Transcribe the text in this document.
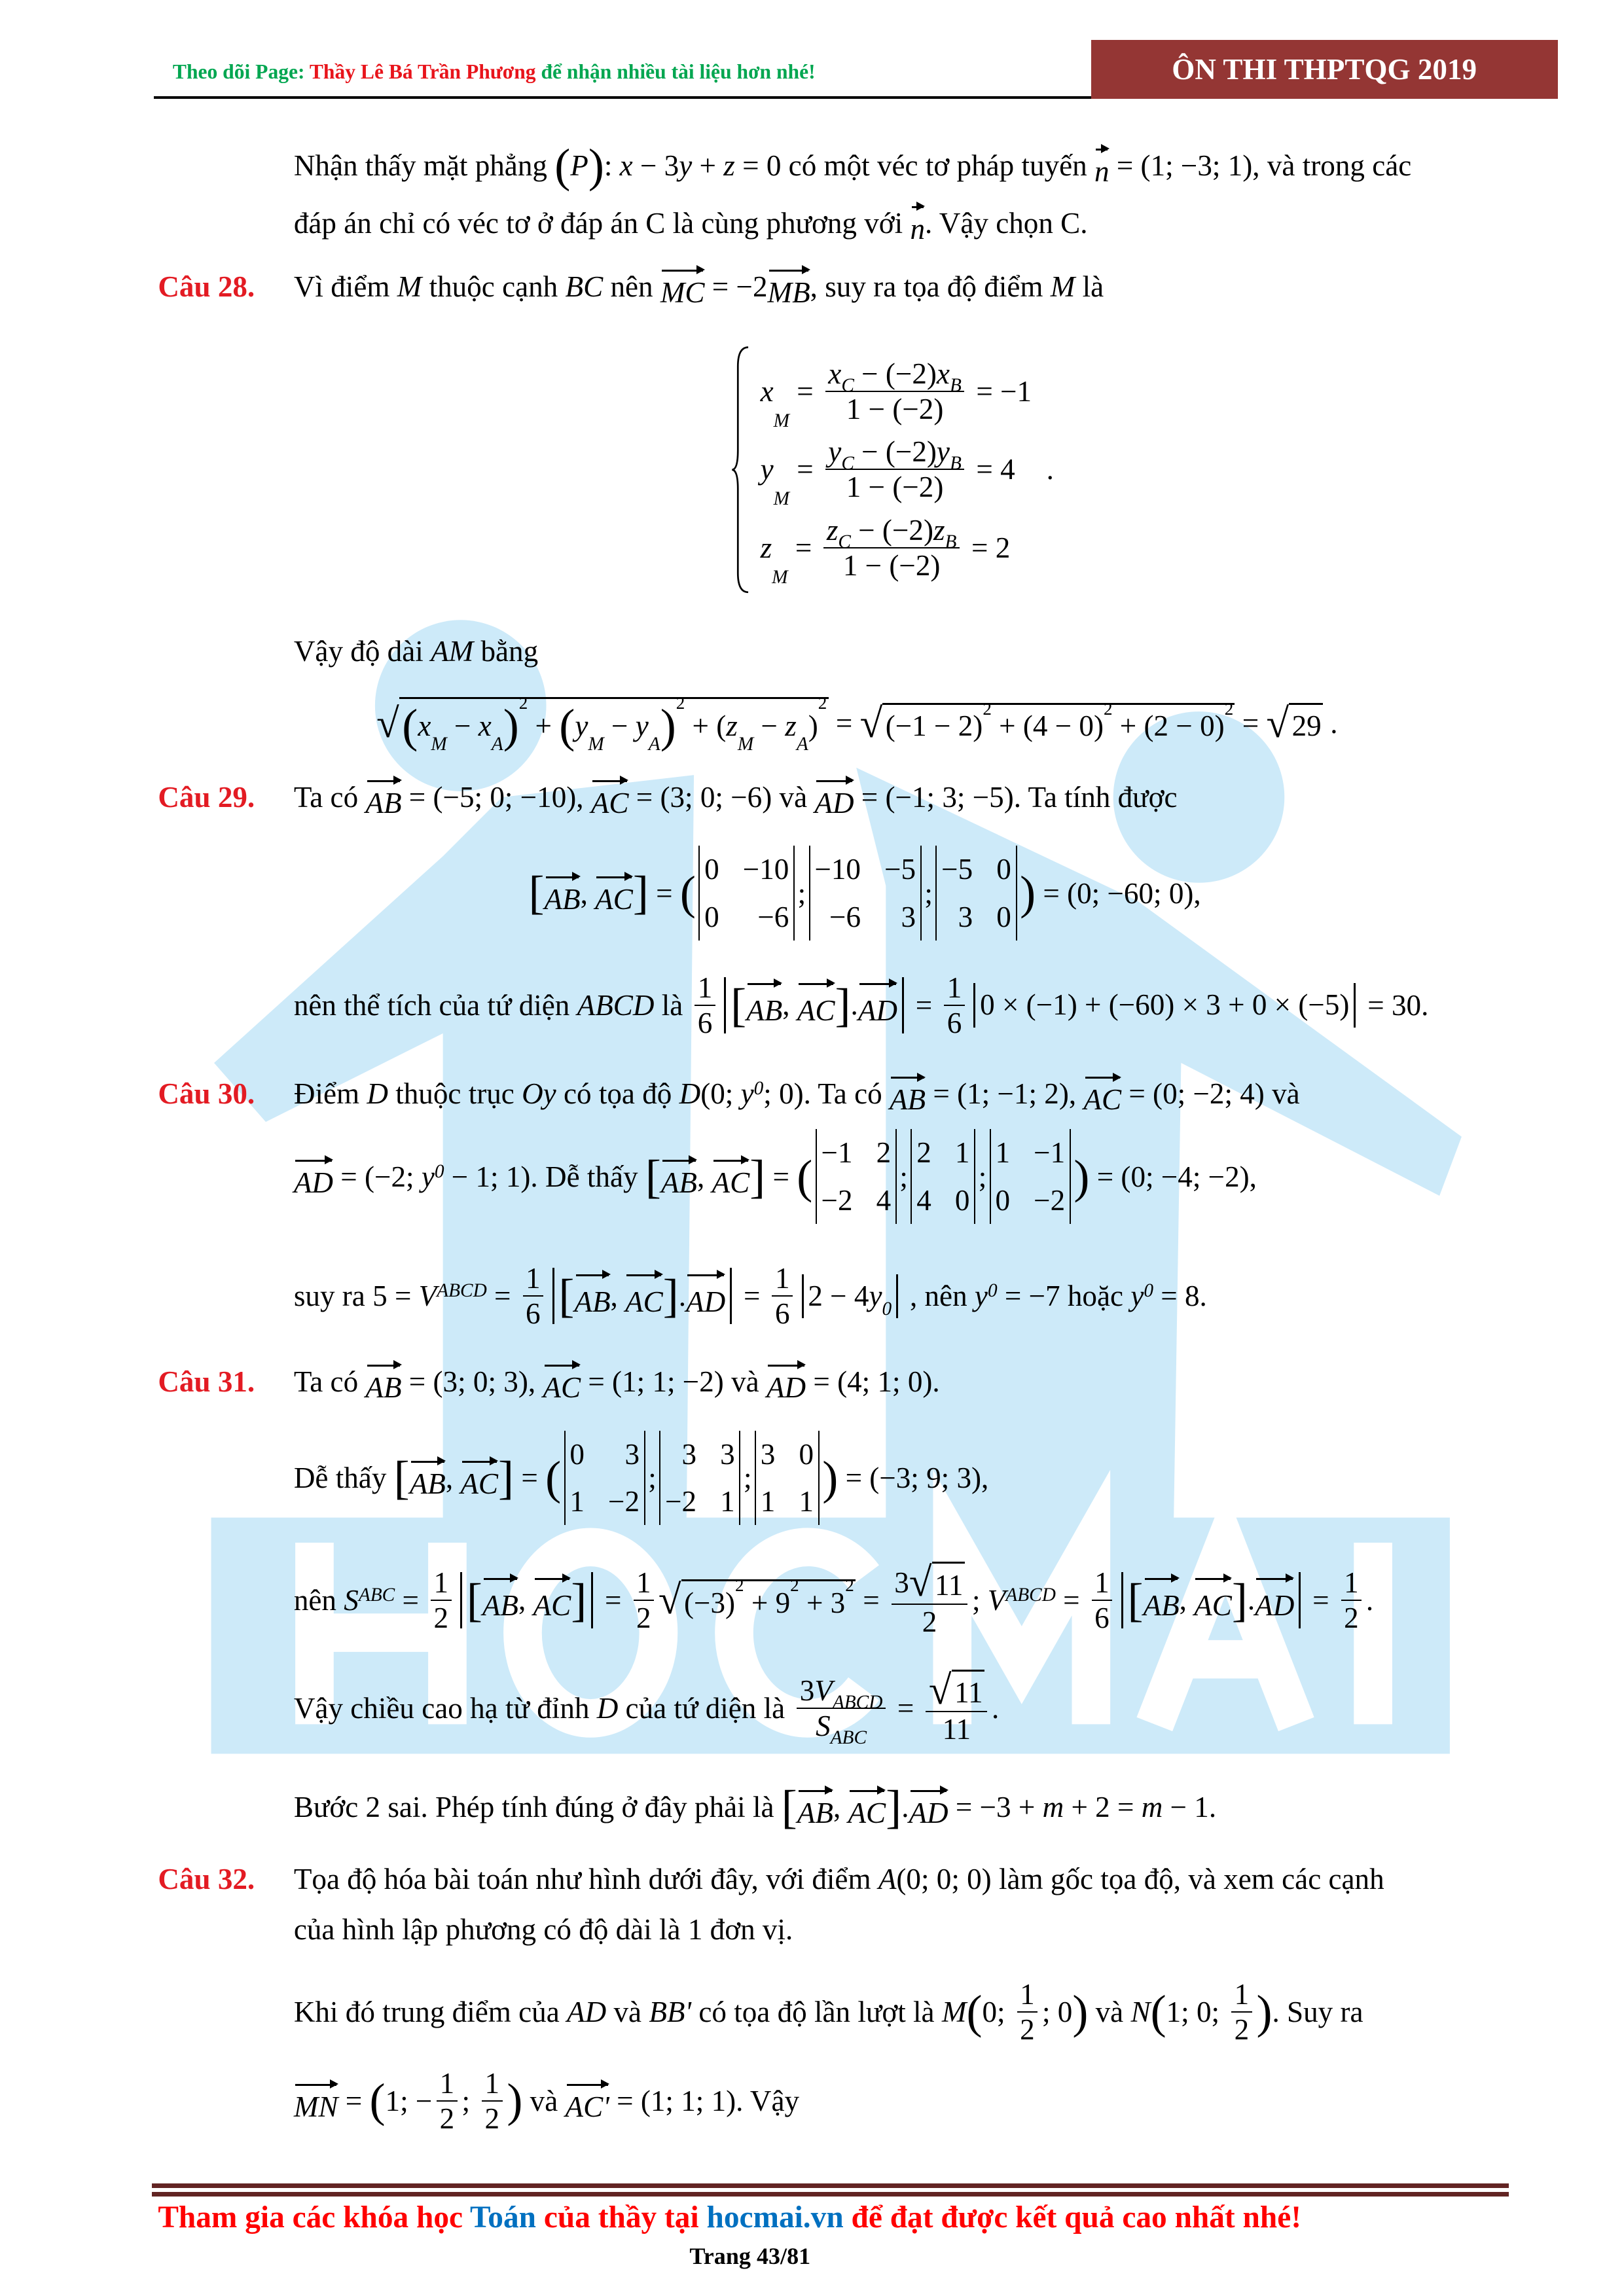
Theo dõi Page: Thầy Lê Bá Trần Phương để nhận nhiều tài liệu hơn nhé!	ÔN THI THPTQG 2019
Câu 28.
Câu 29.
Câu 30.
Câu 31.
Câu 32.
Nhận thấy mặt phẳng ( P ) : x − 3 y + z = 0 có một véc tơ pháp tuyến n = (1; −3; 1), và trong các
đáp án chỉ có véc tơ ở đáp án C là cùng phương với n . Vậy chọn C.
Vì điểm M thuộc cạnh BC nên MC = −2 MB , suy ra tọa độ điểm M là
x
M
= $\frac{\text{x C − (−2) x B}}{1 - (-2)} = -1$
y
M
= $\frac{\text{y C − (−2) y B}}{1 - (-2)} = 4$
z
M
= $\frac{\text{z C − (−2) z B}}{1 - (-2)} = 2$
.
Vậy độ dài AM bằng
√ ( x
M
− x
A ) 2
+ ( y
M
− y
A ) 2
+ ( z
M
− z
A
)
2
= √ (−1 − 2)
2
+ (4 − 0)
2
+ (2 − 0)
2 = √ 29 .
Ta có AB = (−5; 0; −10), AC = (3; 0; −6) và AD = (−1; 3; −5). Ta tính được
[ AB , AC ] = ( 0 −10
0	−6
;
−10 −5
−6	3
;
−5 0
3 0 ) = (0; −60; 0),
nên thể tích của tứ diện ABCD là $\frac{1}{6}$ [ AB , AC ] . AD = $\frac{1}{6} 0 \times (-1) + (-60) \times 3 + 0 \times (-5) = 30$.
Điểm D thuộc trục Oy có tọa độ D (0; y 0 ; 0). Ta có AB = (1; −1; 2), AC = (0; −2; 4) và
AD = (−2; y 0 − 1; 1). Dễ thấy [ AB , AC ] = ( −1 2
−2 4
;
2 1
4 0
;
1 −1
0 −2 ) = (0; −4; −2),
suy ra 5 = V ABCD = $\frac{1}{6}$ [ AB , AC ] . AD = $\frac{1}{6} 2 - 4$ y 0 , nên y 0 = −7 hoặc y 0 = 8.
Ta có AB = (3; 0; 3), AC = (1; 1; −2) và AD = (4; 1; 0).
Dễ thấy [ AB , AC ] = ( 0	3
1 −2
;
3 3
−2 1
;
3 0
1 1 ) = (−3; 9; 3),
nên S ABC = $\frac{1}{2}$ [ AB , AC ] = $\frac{1}{2}$ √ (−3)
2
+ 9
2
+ 3
$2 = \frac{3 √ 11}{2}$ ; V ABCD = $\frac{1}{6}$ [ AB , AC ] . AD = $\frac{1}{2}$ .
Vậy chiều cao hạ từ đỉnh D của tứ diện là $\frac{\text{3 V ABCD}}{\text{S ABC}}$ = √ $\frac{11}{11}$ .
Bước 2 sai. Phép tính đúng ở đây phải là [ AB , AC ] . AD = −3 + m + 2 = m − 1.
Tọa độ hóa bài toán như hình dưới đây, với điểm A (0; 0; 0) làm gốc tọa độ, và xem các cạnh
của hình lập phương có độ dài là 1 đơn vị.
Khi đó trung điểm của AD và BB' có tọa độ lần lượt là M ( 0; $\frac{1}{2}$ ; 0 ) và N ( 1; 0; $\frac{1}{2}$ ) . Suy ra
MN = ( 1; − $\frac{1}{2}$ ; $\frac{1}{2}$ ) và AC' = (1; 1; 1). Vậy
Tham gia các khóa học Toán của thầy tại hocmai.vn để đạt được kết quả cao nhất nhé!
Trang 43/81
